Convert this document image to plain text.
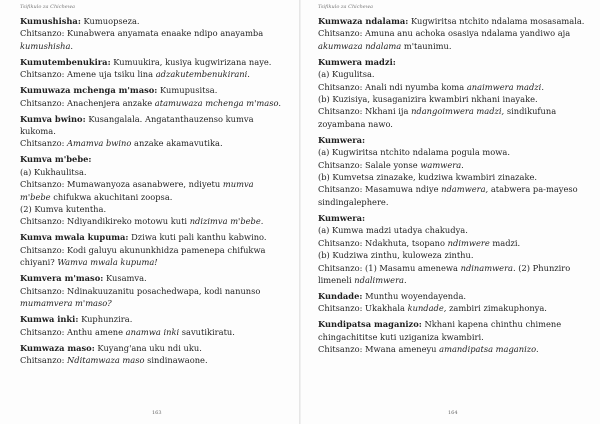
Tsifikulo za Chichewa
Kumushisha : Kumuopseza.
Chitsanzo : Kunabwera anyamata enaake ndipo anayamba kumushisha.
Kumutembenukira : Kumuukira, kusiya kugwirizana naye.
Chitsanzo : Amene uja tsiku lina adzakutembenukirani.
Kumuwaza mchenga m'maso : Kumupusitsa.
Chitsanzo : Anachenjera anzake atamuwaza mchenga m'maso.
Kumva bwino : Kusangalala. Angatanthauzenso kumva kukoma.
Chitsanzo : Amamva bwino anzake akamavutika.
Kumva m'bebe :
(a) Kukhaulitsa.
Chitsanzo : Mumawanyoza asanabwere, ndiyetu mumva m'bebe chifukwa akuchitani zoopsa.
(2) Kumva kutentha.
Chitsanzo : Ndiyandikireko motowu kuti ndizimva m'bebe.
Kumva mwala kupuma : Dziwa kuti pali kanthu kabwino.
Chitsanzo : Kodi galuyu akununkhidza pamenepa chifukwa chiyani? Wamva mwala kupuma!
Kumvera m'maso : Kusamva.
Chitsanzo : Ndinakuuzanitu posachedwapa, kodi nanunso mumamvera m'maso?
Kumwa inki : Kuphunzira.
Chitsanzo : Anthu amene anamwa inki savutikiratu.
Kumwaza maso : Kuyang'ana uku ndi uku.
Chitsanzo : Nditamwaza maso sindinawaone.
163
Tsifikulo za Chichewa
Kumwaza ndalama : Kugwiritsa ntchito ndalama mosasamala.
Chitsanzo : Amuna anu achoka osasiya ndalama yandiwo aja akumwaza ndalama m'taunimu.
Kumwera madzi :
(a) Kugulitsa.
Chitsanzo : Anali ndi nyumba koma anaimwera madzi.
(b) Kuzisiya, kusaganizira kwambiri nkhani inayake.
Chitsanzo : Nkhani ija ndangoimwera madzi, sindikufuna zoyambana nawo.
Kumwera :
(a) Kugwiritsa ntchito ndalama pogula mowa.
Chitsanzo : Salale yonse wamwera.
(b) Kumvetsa zinazake, kudziwa kwambiri zinazake.
Chitsanzo : Masamuwa ndiye ndamwera, atabwera pa-mayeso sindingalephere.
Kumwera :
(a) Kumwa madzi utadya chakudya.
Chitsanzo : Ndakhuta, tsopano ndimwere madzi.
(b) Kudziwa zinthu, kuloweza zinthu.
Chitsanzo : (1) Masamu amenewa ndinamwera. (2) Phunziro limeneli ndalimwera.
Kundade : Munthu woyendayenda.
Chitsanzo : Ukakhala kundade, zambiri zimakuphonya.
Kundipatsa maganizo : Nkhani kapena chinthu chimene chingachititse kuti uziganiza kwambiri.
Chitsanzo : Mwana ameneyu amandipatsa maganizo.
164
